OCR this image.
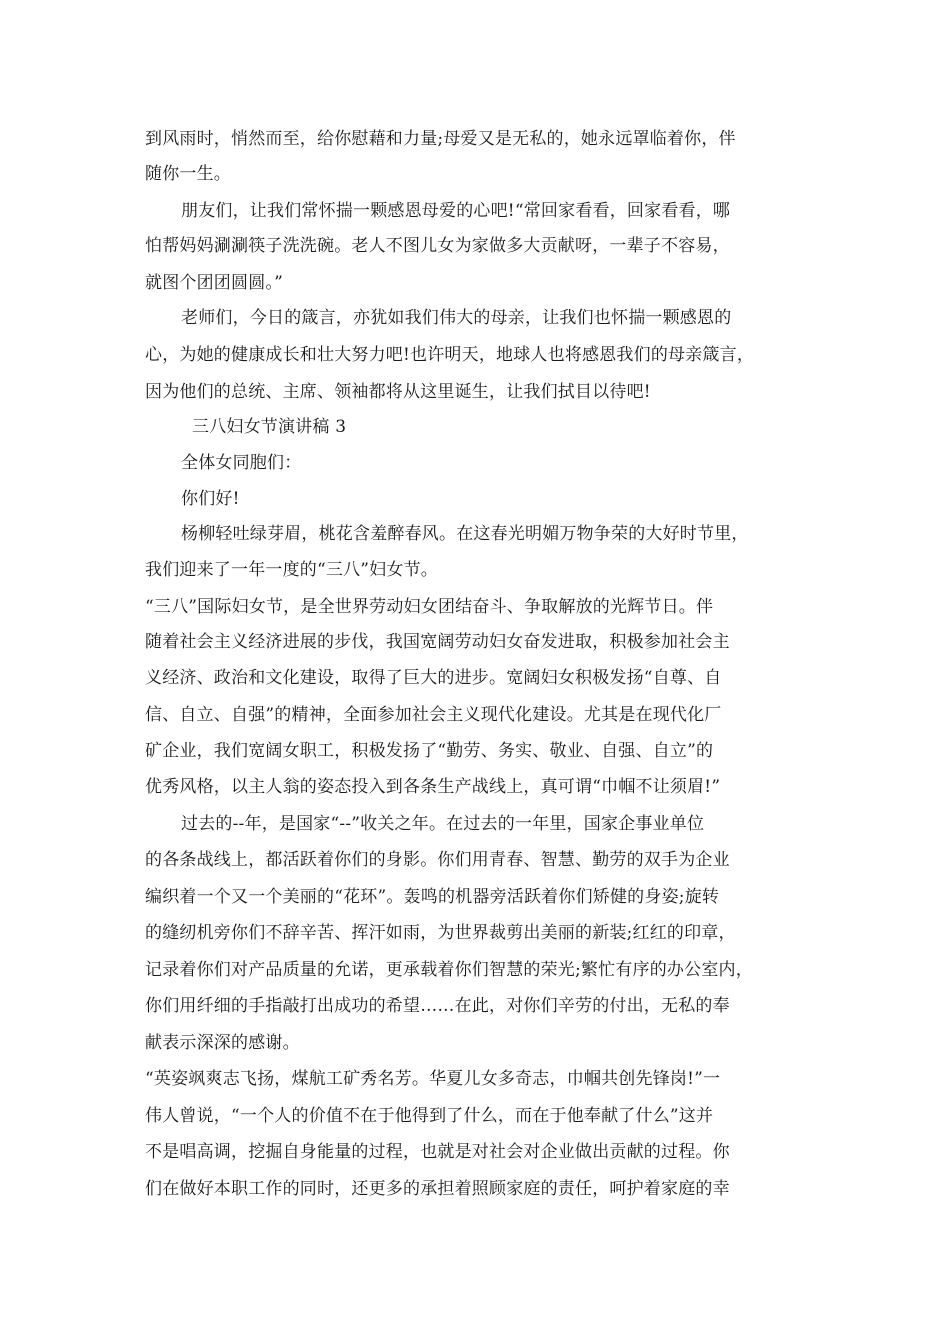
到风雨时，悄然而至，给你慰藉和力量;母爱又是无私的，她永远罩临着你，伴
随你一生。
朋友们，让我们常怀揣一颗感恩母爱的心吧!“常回家看看，回家看看，哪
怕帮妈妈涮涮筷子洗洗碗。老人不图儿女为家做多大贡献呀，一辈子不容易，
就图个团团圆圆。”
老师们，今日的箴言，亦犹如我们伟大的母亲，让我们也怀揣一颗感恩的
心，为她的健康成长和壮大努力吧!也许明天，地球人也将感恩我们的母亲箴言，
因为他们的总统、主席、领袖都将从这里诞生，让我们拭目以待吧!
三八妇女节演讲稿 3
全体女同胞们：
你们好!
杨柳轻吐绿芽眉，桃花含羞醉春风。在这春光明媚万物争荣的大好时节里，
我们迎来了一年一度的“三八”妇女节。
“三八”国际妇女节，是全世界劳动妇女团结奋斗、争取解放的光辉节日。伴
随着社会主义经济进展的步伐，我国宽阔劳动妇女奋发进取，积极参加社会主
义经济、政治和文化建设，取得了巨大的进步。宽阔妇女积极发扬“自尊、自
信、自立、自强”的精神，全面参加社会主义现代化建设。尤其是在现代化厂
矿企业，我们宽阔女职工，积极发扬了“勤劳、务实、敬业、自强、自立”的
优秀风格，以主人翁的姿态投入到各条生产战线上，真可谓“巾帼不让须眉!”
过去的--年，是国家“--”收关之年。在过去的一年里，国家企事业单位
的各条战线上，都活跃着你们的身影。你们用青春、智慧、勤劳的双手为企业
编织着一个又一个美丽的“花环”。轰鸣的机器旁活跃着你们矫健的身姿;旋转
的缝纫机旁你们不辞辛苦、挥汗如雨，为世界裁剪出美丽的新装;红红的印章，
记录着你们对产品质量的允诺，更承载着你们智慧的荣光;繁忙有序的办公室内，
你们用纤细的手指敲打出成功的希望……在此，对你们辛劳的付出，无私的奉
献表示深深的感谢。
“英姿飒爽志飞扬，煤航工矿秀名芳。华夏儿女多奇志，巾帼共创先锋岗!”一
伟人曾说，“一个人的价值不在于他得到了什么，而在于他奉献了什么”这并
不是唱高调，挖掘自身能量的过程，也就是对社会对企业做出贡献的过程。你
们在做好本职工作的同时，还更多的承担着照顾家庭的责任，呵护着家庭的幸
